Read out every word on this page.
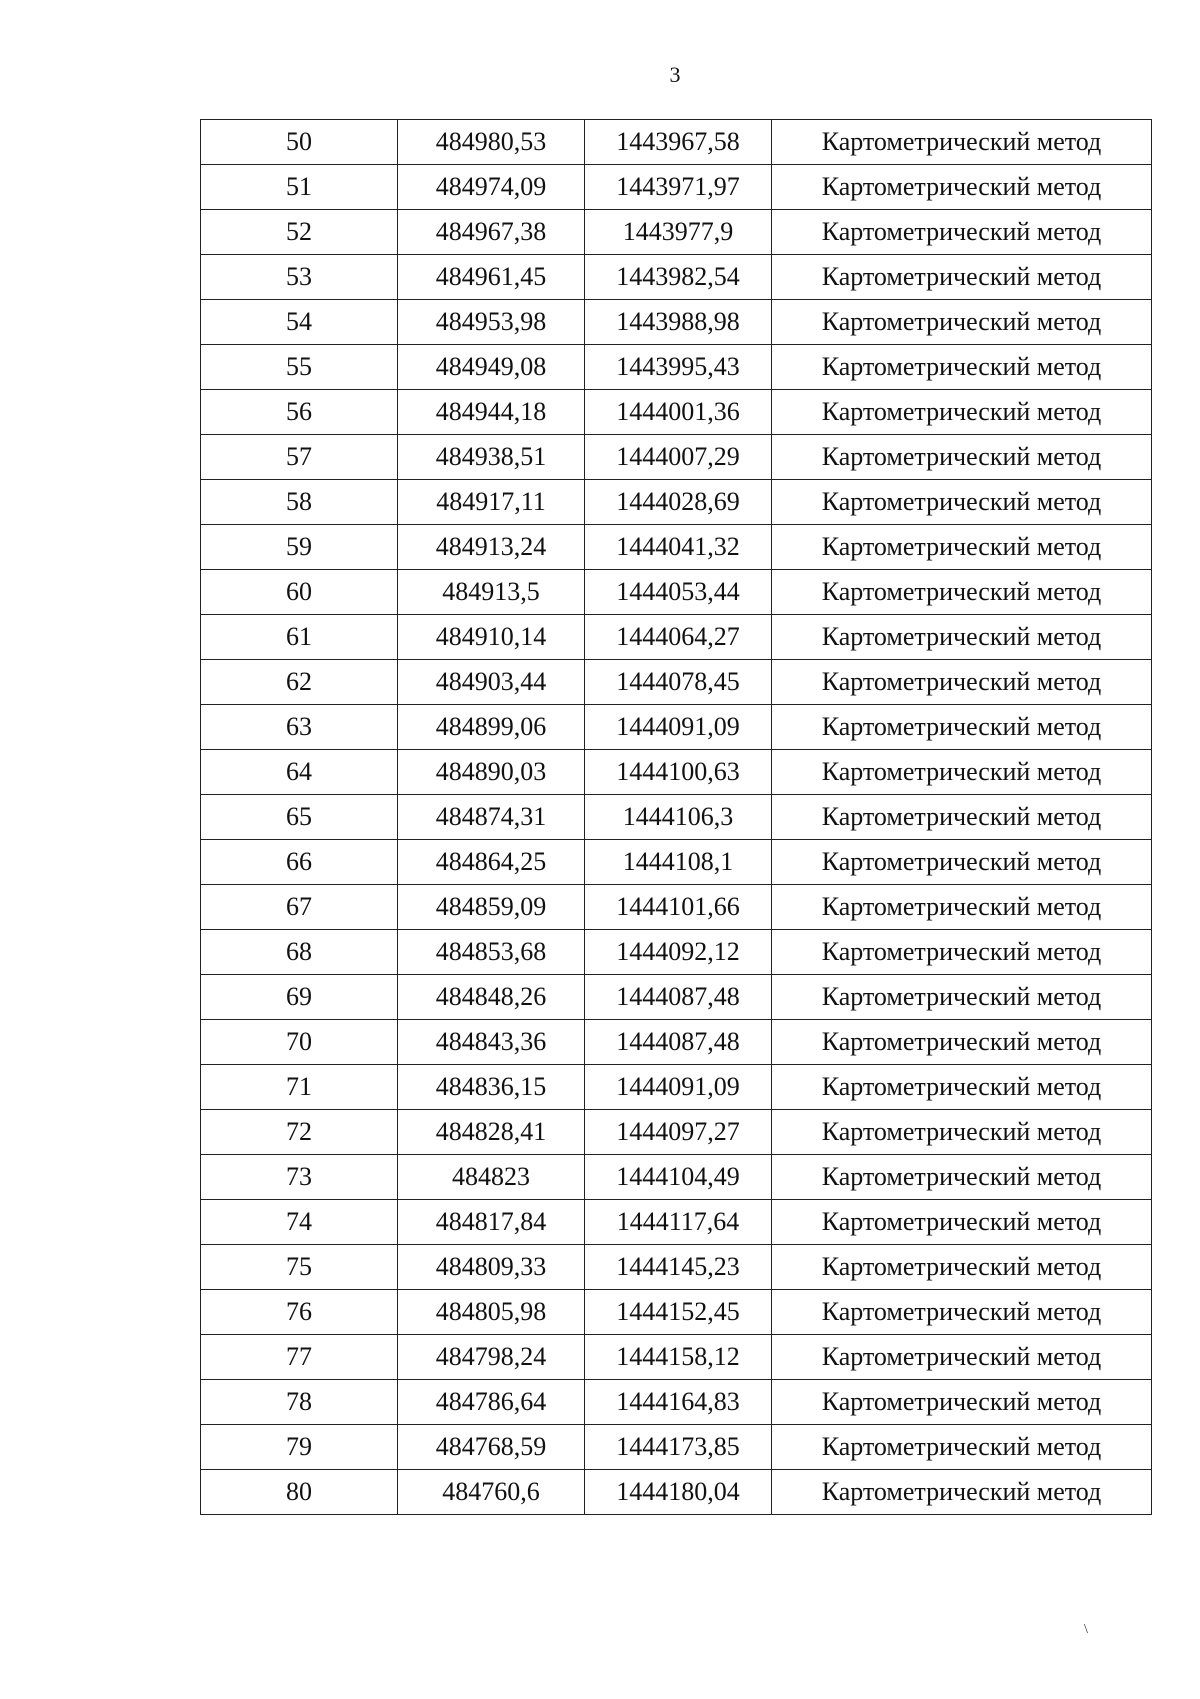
3
50	484980,53	1443967,58	Картометрический метод
51	484974,09	1443971,97	Картометрический метод
52	484967,38	1443977,9	Картометрический метод
53	484961,45	1443982,54	Картометрический метод
54	484953,98	1443988,98	Картометрический метод
55	484949,08	1443995,43	Картометрический метод
56	484944,18	1444001,36	Картометрический метод
57	484938,51	1444007,29	Картометрический метод
58	484917,11	1444028,69	Картометрический метод
59	484913,24	1444041,32	Картометрический метод
60	484913,5	1444053,44	Картометрический метод
61	484910,14	1444064,27	Картометрический метод
62	484903,44	1444078,45	Картометрический метод
63	484899,06	1444091,09	Картометрический метод
64	484890,03	1444100,63	Картометрический метод
65	484874,31	1444106,3	Картометрический метод
66	484864,25	1444108,1	Картометрический метод
67	484859,09	1444101,66	Картометрический метод
68	484853,68	1444092,12	Картометрический метод
69	484848,26	1444087,48	Картометрический метод
70	484843,36	1444087,48	Картометрический метод
71	484836,15	1444091,09	Картометрический метод
72	484828,41	1444097,27	Картометрический метод
73	484823	1444104,49	Картометрический метод
74	484817,84	1444117,64	Картометрический метод
75	484809,33	1444145,23	Картометрический метод
76	484805,98	1444152,45	Картометрический метод
77	484798,24	1444158,12	Картометрический метод
78	484786,64	1444164,83	Картометрический метод
79	484768,59	1444173,85	Картометрический метод
80	484760,6	1444180,04	Картометрический метод
\
